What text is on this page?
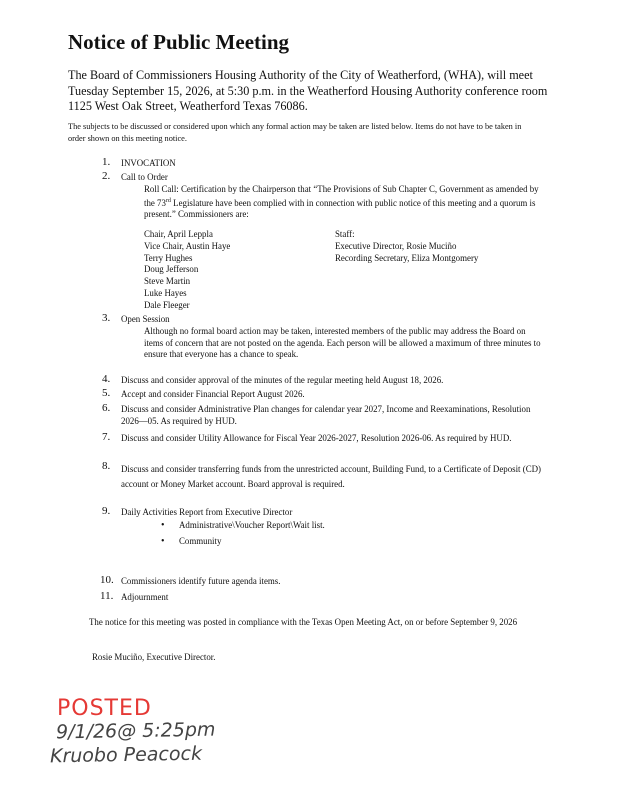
Notice of Public Meeting
The Board of Commissioners Housing Authority of the City of Weatherford, (WHA), will meet Tuesday September 15, 2026, at 5:30 p.m. in the Weatherford Housing Authority conference room 1125 West Oak Street, Weatherford Texas 76086.
The subjects to be discussed or considered upon which any formal action may be taken are listed below. Items do not have to be taken in order shown on this meeting notice.
1. INVOCATION
2. Call to Order
Roll Call: Certification by the Chairperson that “The Provisions of Sub Chapter C, Government as amended by the 73rd Legislature have been complied with in connection with public notice of this meeting and a quorum is present.” Commissioners are:
Chair, April Leppla
Vice Chair, Austin Haye
Terry Hughes
Doug Jefferson
Steve Martin
Luke Hayes
Dale Fleeger
Staff:
Executive Director, Rosie Muciño
Recording Secretary, Eliza Montgomery
3. Open Session
Although no formal board action may be taken, interested members of the public may address the Board on items of concern that are not posted on the agenda. Each person will be allowed a maximum of three minutes to ensure that everyone has a chance to speak.
4. Discuss and consider approval of the minutes of the regular meeting held August 18, 2026.
5. Accept and consider Financial Report August 2026.
6. Discuss and consider Administrative Plan changes for calendar year 2027, Income and Reexaminations, Resolution 2026—05. As required by HUD.
7. Discuss and consider Utility Allowance for Fiscal Year 2026-2027, Resolution 2026-06. As required by HUD.
8. Discuss and consider transferring funds from the unrestricted account, Building Fund, to a Certificate of Deposit (CD) account or Money Market account. Board approval is required.
9. Daily Activities Report from Executive Director
• Administrative\Voucher Report\Wait list.
• Community
10. Commissioners identify future agenda items.
11. Adjournment
The notice for this meeting was posted in compliance with the Texas Open Meeting Act, on or before September 9, 2026
Rosie Muciño, Executive Director.
POSTED
9/1/26@ 5:25pm
Kruobo Peacock
